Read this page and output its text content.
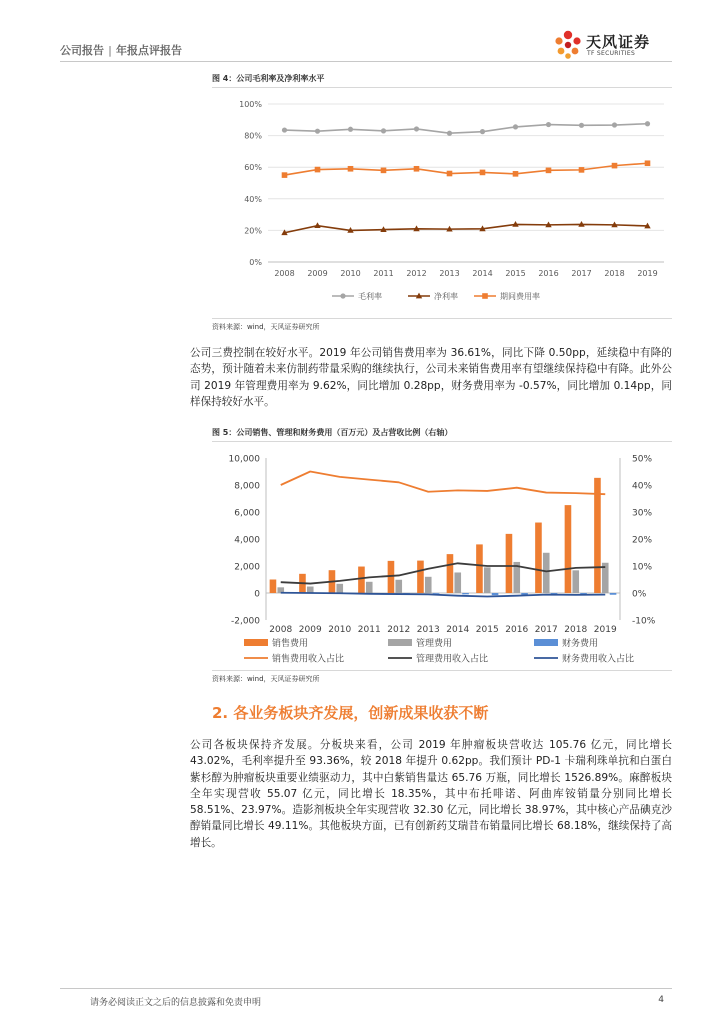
公司报告 | 年报点评报告	天风证券
TF SECURITIES
图 4：公司毛利率及净利率水平
0%
20%
40%
60%
80%
100%
2008 2009 2010 2011 2012 2013 2014 2015 2016 2017 2018 2019
毛利率	净利率	期间费用率
资料来源：wind，天风证券研究所
公司三费控制在较好水平。2019 年公司销售费用率为 36.61%，同比下降 0.50pp，延续稳中有降的态势，预计随着未来仿制药带量采购的继续执行，公司未来销售费用率有望继续保持稳中有降。此外公司 2019 年管理费用率为 9.62%，同比增加 0.28pp，财务费用率为 -0.57%，同比增加 0.14pp，同样保持较好水平。
图 5：公司销售、管理和财务费用（百万元）及占营收比例（右轴）
-2,000
0
2,000
4,000
6,000
8,000
10,000
-10%
0%
10%
20%
30%
40%
50%
2008 2009 2010 2011 2012 2013 2014 2015 2016 2017 2018 2019
销售费用	管理费用	财务费用
销售费用收入占比	管理费用收入占比	财务费用收入占比
资料来源：wind，天风证券研究所
2. 各业务板块齐发展，创新成果收获不断
公司各板块保持齐发展。分板块来看，公司 2019 年肿瘤板块营收达 105.76 亿元，同比增长 43.02%，毛利率提升至 93.36%，较 2018 年提升 0.62pp。我们预计 PD-1 卡瑞利珠单抗和白蛋白紫杉醇为肿瘤板块重要业绩驱动力，其中白紫销售量达 65.76 万瓶，同比增长 1526.89%。麻醉板块全年实现营收 55.07 亿元，同比增长 18.35%，其中布托啡诺、阿曲库铵销量分别同比增长 58.51%、23.97%。造影剂板块全年实现营收 32.30 亿元，同比增长 38.97%，其中核心产品碘克沙醇销量同比增长 49.11%。其他板块方面，已有创新药艾瑞昔布销量同比增长 68.18%，继续保持了高增长。
请务必阅读正文之后的信息披露和免责申明	4
